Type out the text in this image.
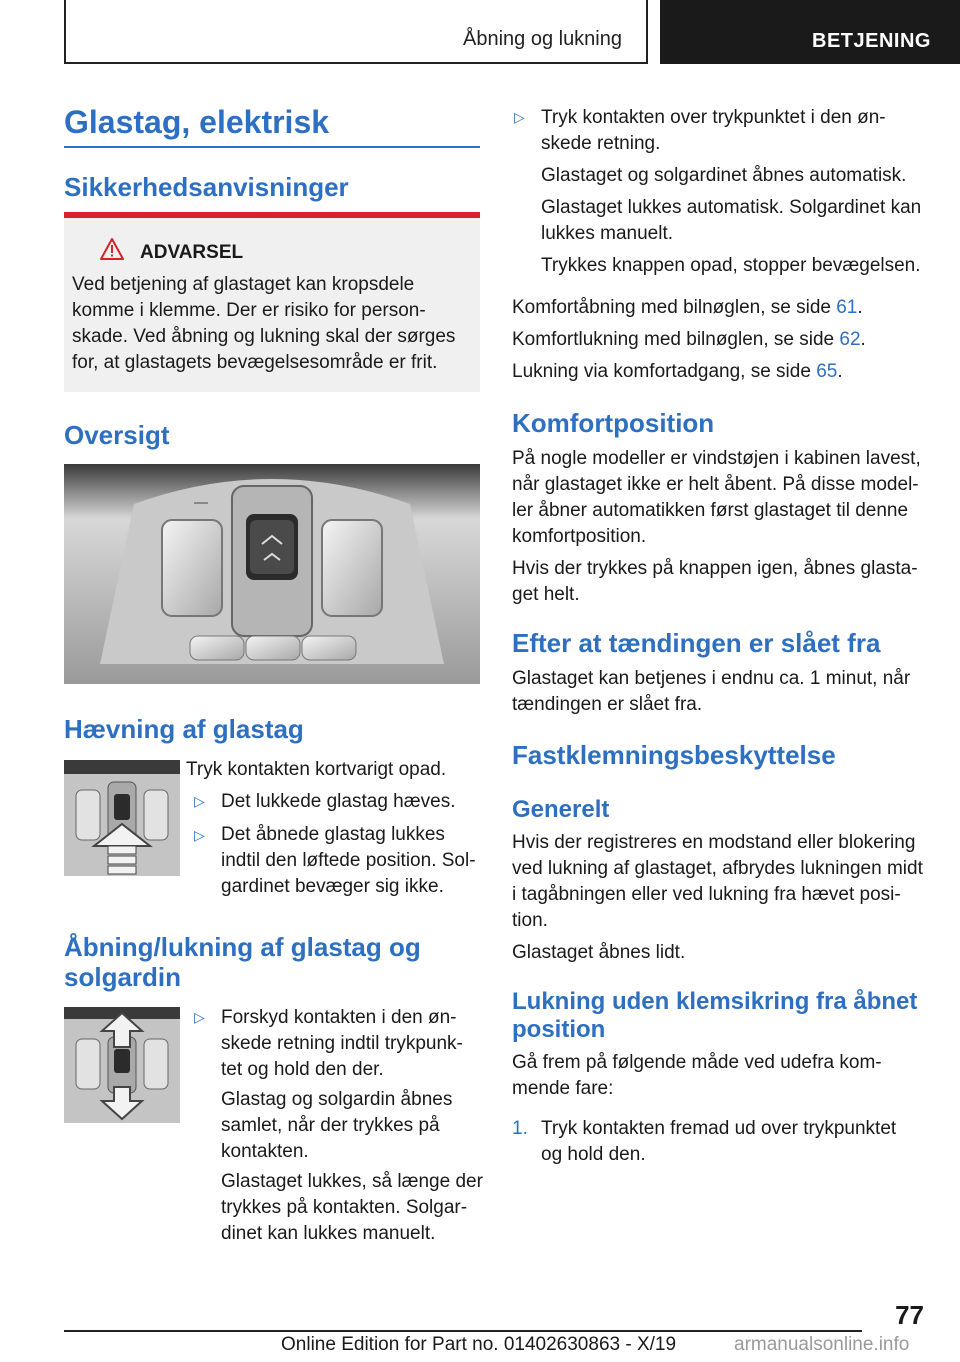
Åbning og lukning	BETJENING
Glastag, elektrisk
Sikkerhedsanvisninger
ADVARSEL
Ved betjening af glastaget kan kropsdele
komme i klemme. Der er risiko for person-
skade. Ved åbning og lukning skal der sørges
for, at glastagets bevægelsesområde er frit.
Oversigt
Hævning af glastag
Tryk kontakten kortvarigt opad.
▷ Det lukkede glastag hæves.
▷ Det åbnede glastag lukkes
indtil den løftede position. Sol-
gardinet bevæger sig ikke.
Åbning/lukning af glastag og
solgardin
▷ Forskyd kontakten i den øn-
skede retning indtil trykpunk-
tet og hold den der.
Glastag og solgardin åbnes
samlet, når der trykkes på
kontakten.
Glastaget lukkes, så længe der
trykkes på kontakten. Solgar-
dinet kan lukkes manuelt.
▷ Tryk kontakten over trykpunktet i den øn-
skede retning.
Glastaget og solgardinet åbnes automatisk.
Glastaget lukkes automatisk. Solgardinet kan
lukkes manuelt.
Trykkes knappen opad, stopper bevægelsen.
Komfortåbning med bilnøglen, se side 61.
Komfortlukning med bilnøglen, se side 62.
Lukning via komfortadgang, se side 65.
Komfortposition
På nogle modeller er vindstøjen i kabinen lavest,
når glastaget ikke er helt åbent. På disse model-
ler åbner automatikken først glastaget til denne
komfortposition.
Hvis der trykkes på knappen igen, åbnes glasta-
get helt.
Efter at tændingen er slået fra
Glastaget kan betjenes i endnu ca. 1 minut, når
tændingen er slået fra.
Fastklemningsbeskyttelse
Generelt
Hvis der registreres en modstand eller blokering
ved lukning af glastaget, afbrydes lukningen midt
i tagåbningen eller ved lukning fra hævet posi-
tion.
Glastaget åbnes lidt.
Lukning uden klemsikring fra åbnet
position
Gå frem på følgende måde ved udefra kom-
mende fare:
1. Tryk kontakten fremad ud over trykpunktet
og hold den.
77
Online Edition for Part no. 01402630863 - X/19	armanualsonline.info
